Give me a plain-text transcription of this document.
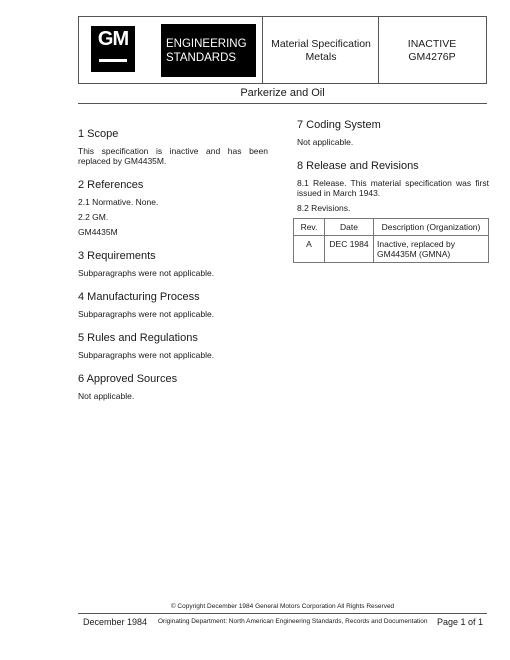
GM	ENGINEERING
STANDARDS
Material Specification
Metals
INACTIVE
GM4276P
Parkerize and Oil
1 Scope

This specification is inactive and has been replaced by GM4435M.

2 References

2.1 Normative. None.

2.2 GM.

GM4435M

3 Requirements

Subparagraphs were not applicable.

4 Manufacturing Process

Subparagraphs were not applicable.

5 Rules and Regulations

Subparagraphs were not applicable.

6 Approved Sources

Not applicable.

7 Coding System

Not applicable.

8 Release and Revisions

8.1 Release. This material specification was first issued in March 1943.

8.2 Revisions.

Rev.	Date	Description (Organization)
A	DEC 1984	Inactive, replaced by GM4435M (GMNA)
© Copyright December 1984 General Motors Corporation All Rights Reserved
December 1984 Originating Department: North American Engineering Standards, Records and Documentation Page 1 of 1
